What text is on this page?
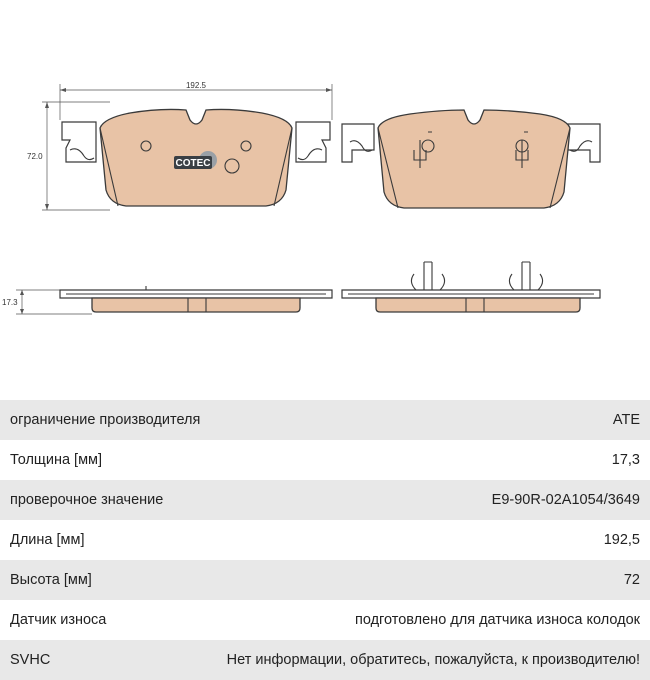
192.5
72.0
COTEC
17.3
ограничение производителя	ATE
Толщина [мм]	17,3
проверочное значение	E9-90R-02A1054/3649
Длина [мм]	192,5
Высота [мм]	72
Датчик износа	подготовлено для датчика износа колодок
SVHC	Нет информации, обратитесь, пожалуйста, к производителю!
